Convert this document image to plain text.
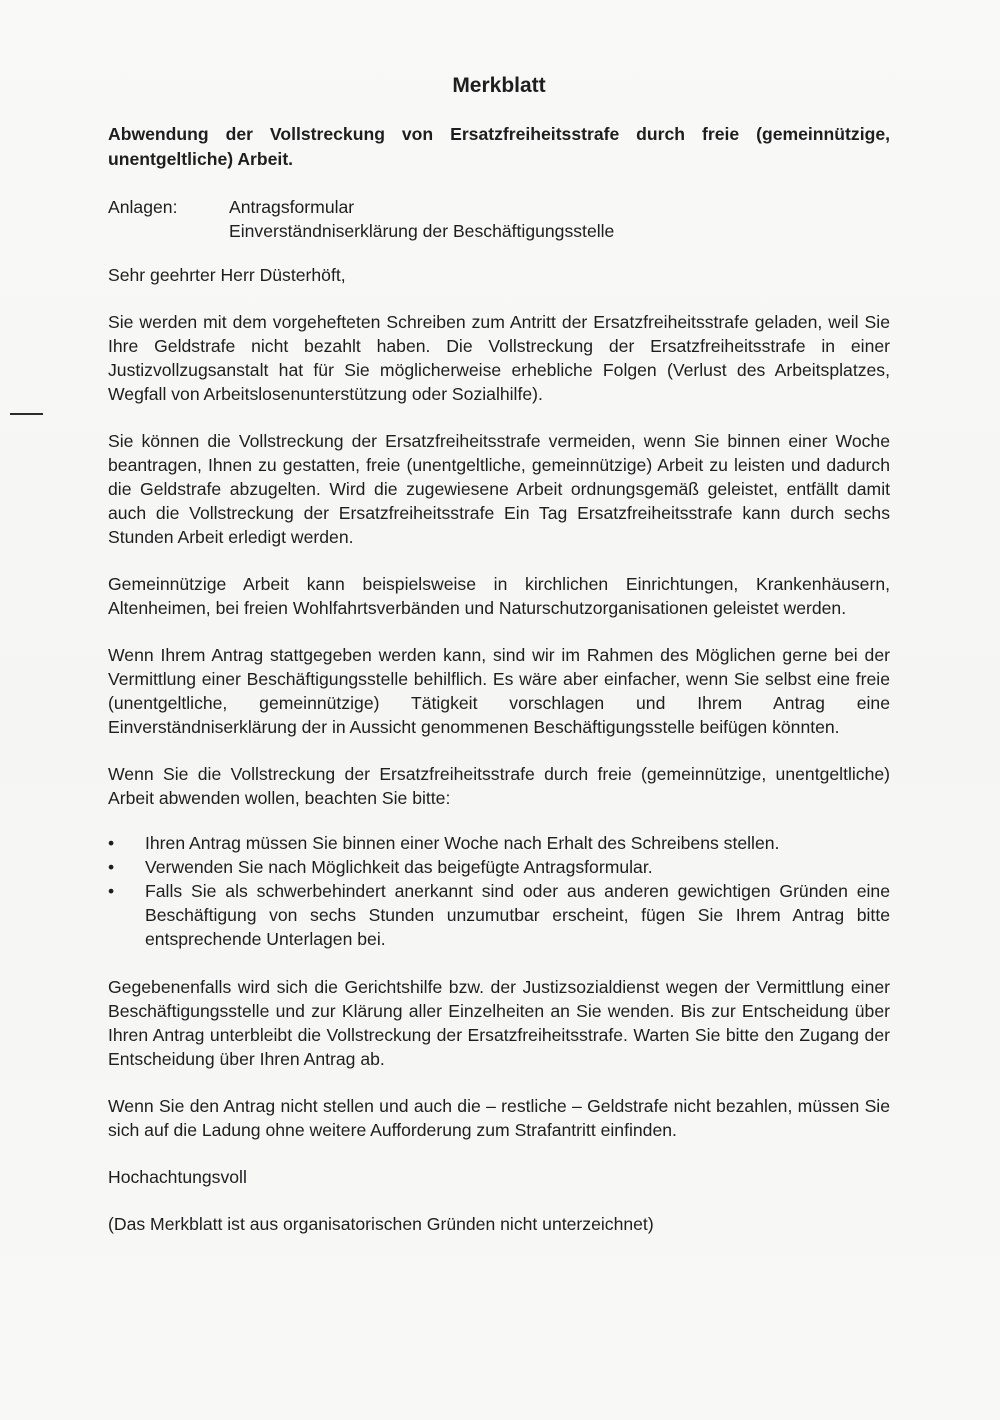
Merkblatt

Abwendung der Vollstreckung von Ersatzfreiheitsstrafe durch freie (gemeinnützige, unentgeltliche) Arbeit.

Anlagen:	Antragsformular
Einverständniserklärung der Beschäftigungsstelle

Sehr geehrter Herr Düsterhöft,

Sie werden mit dem vorgehefteten Schreiben zum Antritt der Ersatzfreiheitsstrafe geladen, weil Sie Ihre Geldstrafe nicht bezahlt haben. Die Vollstreckung der Ersatzfreiheitsstrafe in einer Justizvollzugsanstalt hat für Sie möglicherweise erhebliche Folgen (Verlust des Arbeitsplatzes, Wegfall von Arbeitslosenunterstützung oder Sozialhilfe).

Sie können die Vollstreckung der Ersatzfreiheitsstrafe vermeiden, wenn Sie binnen einer Woche beantragen, Ihnen zu gestatten, freie (unentgeltliche, gemeinnützige) Arbeit zu leisten und dadurch die Geldstrafe abzugelten. Wird die zugewiesene Arbeit ordnungsgemäß geleistet, entfällt damit auch die Vollstreckung der Ersatzfreiheitsstrafe Ein Tag Ersatzfreiheitsstrafe kann durch sechs Stunden Arbeit erledigt werden.

Gemeinnützige Arbeit kann beispielsweise in kirchlichen Einrichtungen, Krankenhäusern, Altenheimen, bei freien Wohlfahrtsverbänden und Naturschutzorganisationen geleistet werden.

Wenn Ihrem Antrag stattgegeben werden kann, sind wir im Rahmen des Möglichen gerne bei der Vermittlung einer Beschäftigungsstelle behilflich. Es wäre aber einfacher, wenn Sie selbst eine freie (unentgeltliche, gemeinnützige) Tätigkeit vorschlagen und Ihrem Antrag eine Einverständniserklärung der in Aussicht genommenen Beschäftigungsstelle beifügen könnten.

Wenn Sie die Vollstreckung der Ersatzfreiheitsstrafe durch freie (gemeinnützige, unentgeltliche) Arbeit abwenden wollen, beachten Sie bitte:

• Ihren Antrag müssen Sie binnen einer Woche nach Erhalt des Schreibens stellen.
• Verwenden Sie nach Möglichkeit das beigefügte Antragsformular.
• Falls Sie als schwerbehindert anerkannt sind oder aus anderen gewichtigen Gründen eine Beschäftigung von sechs Stunden unzumutbar erscheint, fügen Sie Ihrem Antrag bitte entsprechende Unterlagen bei.

Gegebenenfalls wird sich die Gerichtshilfe bzw. der Justizsozialdienst wegen der Vermittlung einer Beschäftigungsstelle und zur Klärung aller Einzelheiten an Sie wenden. Bis zur Entscheidung über Ihren Antrag unterbleibt die Vollstreckung der Ersatzfreiheitsstrafe. Warten Sie bitte den Zugang der Entscheidung über Ihren Antrag ab.

Wenn Sie den Antrag nicht stellen und auch die – restliche – Geldstrafe nicht bezahlen, müssen Sie sich auf die Ladung ohne weitere Aufforderung zum Strafantritt einfinden.

Hochachtungsvoll

(Das Merkblatt ist aus organisatorischen Gründen nicht unterzeichnet)
